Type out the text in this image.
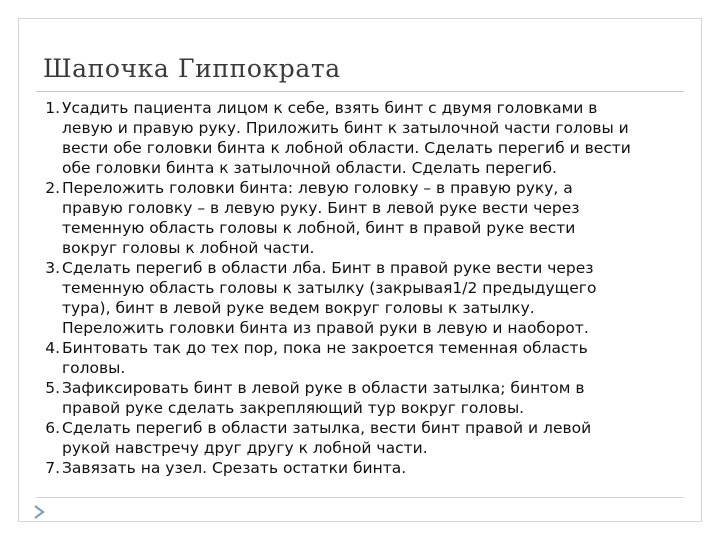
Шапочка Гиппократа
1. Усадить пациента лицом к себе, взять бинт с двумя головками в
левую и правую руку. Приложить бинт к затылочной части головы и
вести обе головки бинта к лобной области. Сделать перегиб и вести
обе головки бинта к затылочной области. Сделать перегиб.
2. Переложить головки бинта: левую головку – в правую руку, а
правую головку – в левую руку. Бинт в левой руке вести через
теменную область головы к лобной, бинт в правой руке вести
вокруг головы к лобной части.
3. Сделать перегиб в области лба. Бинт в правой руке вести через
теменную область головы к затылку (закрывая1/2 предыдущего
тура), бинт в левой руке ведем вокруг головы к затылку.
Переложить головки бинта из правой руки в левую и наоборот.
4. Бинтовать так до тех пор, пока не закроется теменная область
головы.
5. Зафиксировать бинт в левой руке в области затылка; бинтом в
правой руке сделать закрепляющий тур вокруг головы.
6. Сделать перегиб в области затылка, вести бинт правой и левой
рукой навстречу друг другу к лобной части.
7. Завязать на узел. Срезать остатки бинта.
